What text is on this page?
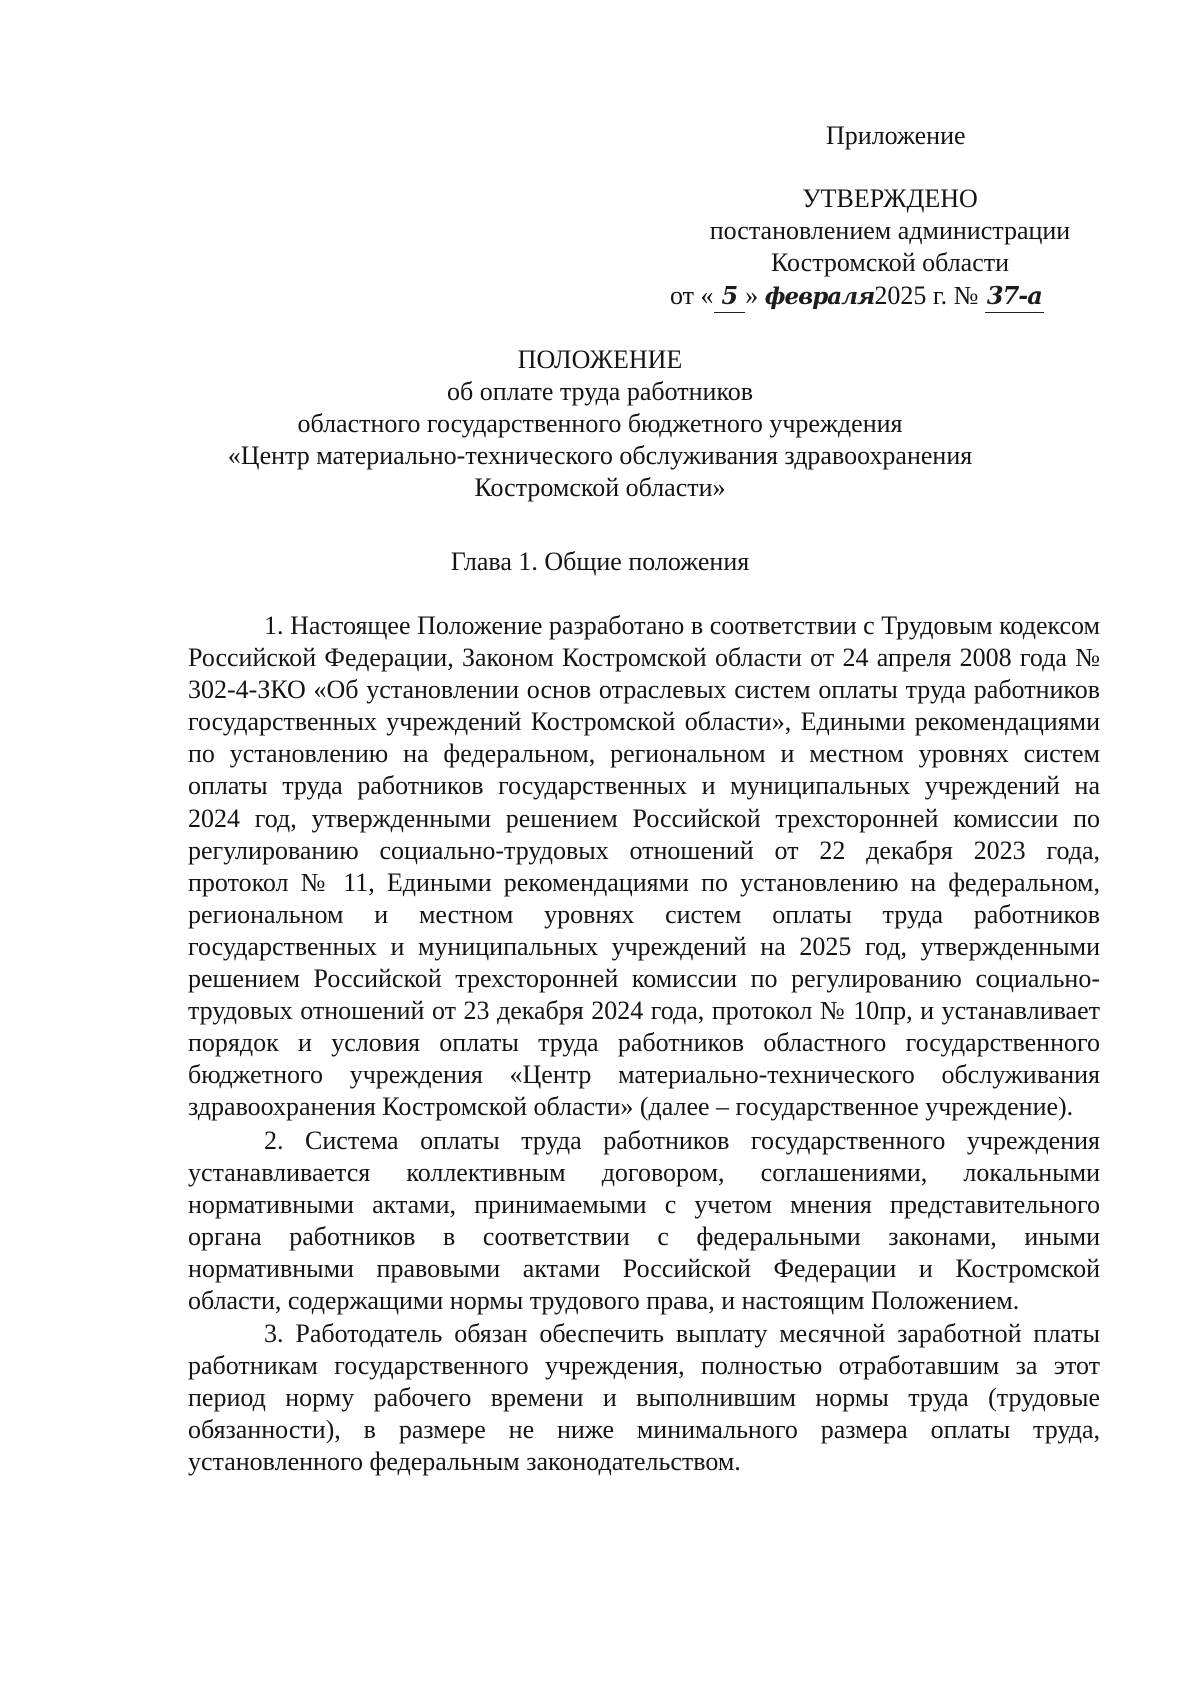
Приложение
УТВЕРЖДЕНО
постановлением администрации
Костромской области
от « 5 » февраля2025 г. № 37-а
ПОЛОЖЕНИЕ
об оплате труда работников
областного государственного бюджетного учреждения
«Центр материально-технического обслуживания здравоохранения
Костромской области»
Глава 1. Общие положения

1. Настоящее Положение разработано в соответствии с Трудовым кодексом Российской Федерации, Законом Костромской области от 24 апреля 2008 года № 302-4-ЗКО «Об установлении основ отраслевых систем оплаты труда работников государственных учреждений Костромской области», Едиными рекомендациями по установлению на федеральном, региональном и местном уровнях систем оплаты труда работников государственных и муниципальных учреждений на 2024 год, утвержденными решением Российской трехсторонней комиссии по регулированию социально-трудовых отношений от 22 декабря 2023 года, протокол № 11, Едиными рекомендациями по установлению на федеральном, региональном и местном уровнях систем оплаты труда работников государственных и муниципальных учреждений на 2025 год, утвержденными решением Российской трехсторонней комиссии по регулированию социально-трудовых отношений от 23 декабря 2024 года, протокол № 10пр, и устанавливает порядок и условия оплаты труда работников областного государственного бюджетного учреждения «Центр материально-технического обслуживания здравоохранения Костромской области» (далее – государственное учреждение).

2. Система оплаты труда работников государственного учреждения устанавливается коллективным договором, соглашениями, локальными нормативными актами, принимаемыми с учетом мнения представительного органа работников в соответствии с федеральными законами, иными нормативными правовыми актами Российской Федерации и Костромской области, содержащими нормы трудового права, и настоящим Положением.

3. Работодатель обязан обеспечить выплату месячной заработной платы работникам государственного учреждения, полностью отработавшим за этот период норму рабочего времени и выполнившим нормы труда (трудовые обязанности), в размере не ниже минимального размера оплаты труда, установленного федеральным законодательством.
